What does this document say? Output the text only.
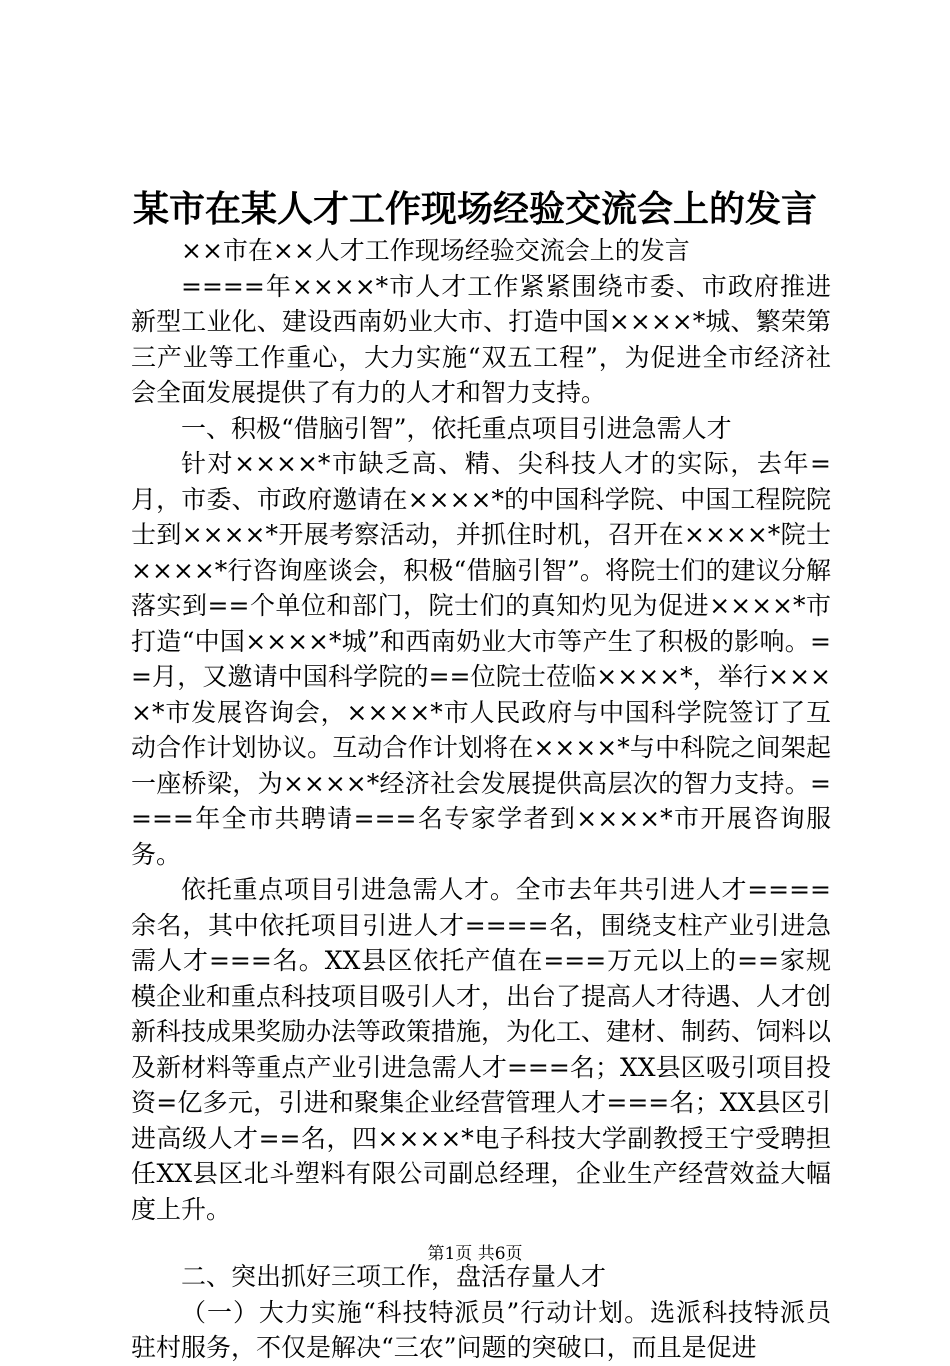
某市在某人才工作现场经验交流会上的发言

××市在××人才工作现场经验交流会上的发言

====年××××*市人才工作紧紧围绕市委、市政府推进新型工业化、建设西南奶业大市、打造中国××××*城、繁荣第三产业等工作重心，大力实施“双五工程”，为促进全市经济社会全面发展提供了有力的人才和智力支持。

一、积极“借脑引智”，依托重点项目引进急需人才

针对××××*市缺乏高、精、尖科技人才的实际，去年=月，市委、市政府邀请在××××*的中国科学院、中国工程院院士到××××*开展考察活动，并抓住时机，召开在××××*院士××××*行咨询座谈会，积极“借脑引智”。将院士们的建议分解落实到==个单位和部门，院士们的真知灼见为促进××××*市打造“中国××××*城”和西南奶业大市等产生了积极的影响。==月，又邀请中国科学院的==位院士莅临××××*，举行××××*市发展咨询会，××××*市人民政府与中国科学院签订了互动合作计划协议。互动合作计划将在××××*与中科院之间架起一座桥梁，为××××*经济社会发展提供高层次的智力支持。====年全市共聘请===名专家学者到××××*市开展咨询服务。

依托重点项目引进急需人才。全市去年共引进人才====余名，其中依托项目引进人才====名，围绕支柱产业引进急需人才===名。XX县区依托产值在===万元以上的==家规模企业和重点科技项目吸引人才，出台了提高人才待遇、人才创新科技成果奖励办法等政策措施，为化工、建材、制药、饲料以及新材料等重点产业引进急需人才===名；XX县区吸引项目投资=亿多元，引进和聚集企业经营管理人才===名；XX县区引进高级人才==名，四××××*电子科技大学副教授王宁受聘担任XX县区北斗塑料有限公司副总经理，企业生产经营效益大幅度上升。

二、突出抓好三项工作，盘活存量人才

（一）大力实施“科技特派员”行动计划。选派科技特派员驻村服务，不仅是解决“三农”问题的突破口，而且是促进

第1页 共6页
